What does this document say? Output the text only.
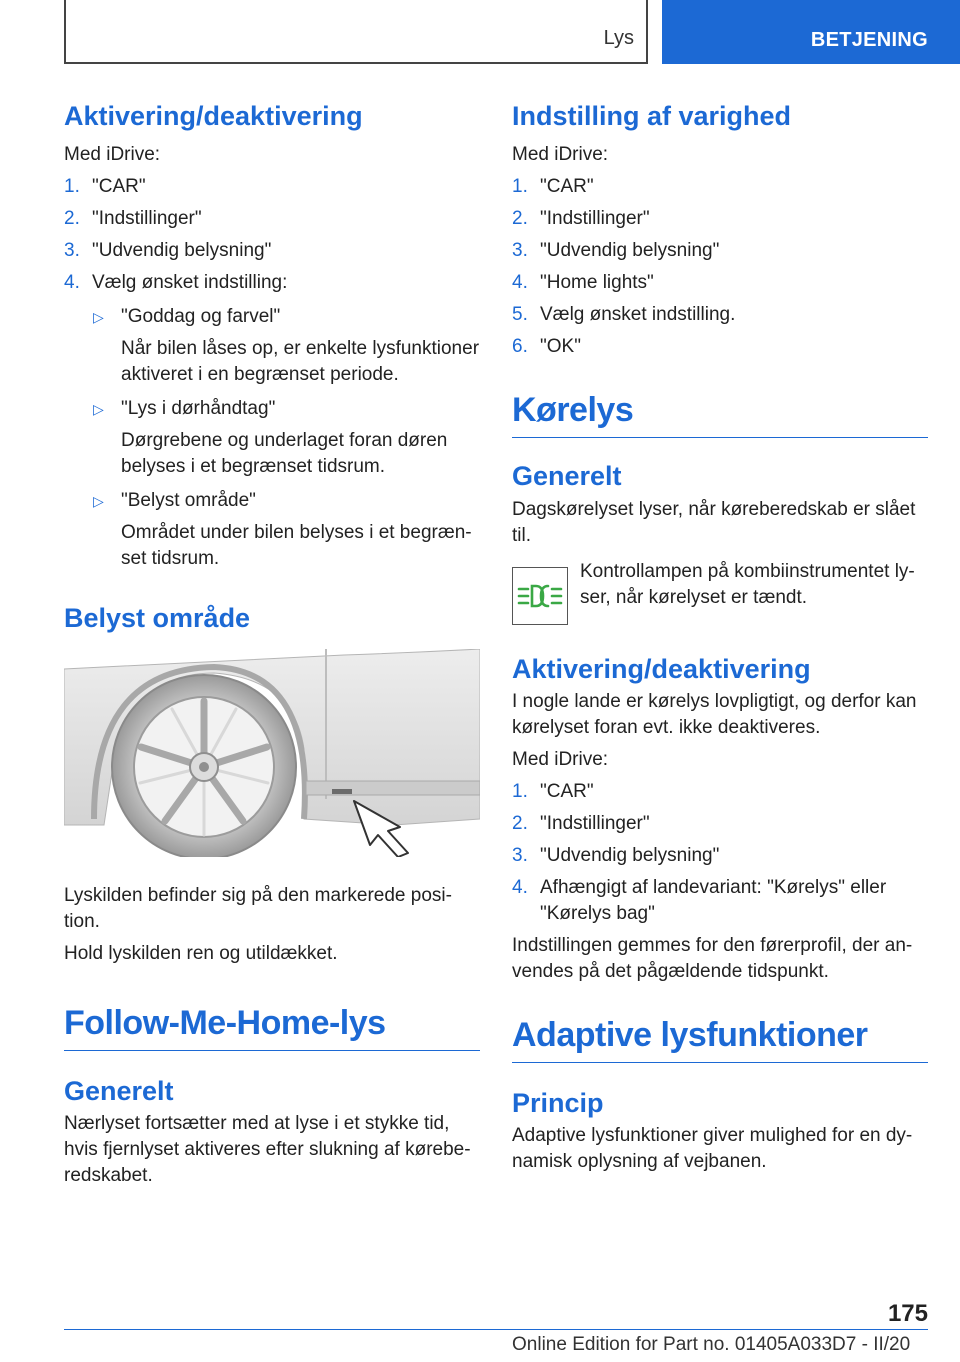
Lys	BETJENING
Aktivering/deaktivering

Med iDrive:

1. "CAR"
2. "Indstillinger"
3. "Udvendig belysning"
4. Vælg ønsket indstilling:
▷ "Goddag og farvel"
Når bilen låses op, er enkelte lysfunktioner aktiveret i en begrænset periode.
▷ "Lys i dørhåndtag"
Dørgrebene og underlaget foran døren belyses i et begrænset tidsrum.
▷ "Belyst område"
Området under bilen belyses i et begræn-set tidsrum.
Belyst område

Lyskilden befinder sig på den markerede posi-tion.

Hold lyskilden ren og utildækket.

Follow-Me-Home-lys
Generelt

Nærlyset fortsætter med at lyse i et stykke tid, hvis fjernlyset aktiveres efter slukning af kørebe-redskabet.

Indstilling af varighed

Med iDrive:

1. "CAR"
2. "Indstillinger"
3. "Udvendig belysning"
4. "Home lights"
5. Vælg ønsket indstilling.
6. "OK"
Kørelys
Generelt

Dagskørelyset lyser, når kørеberedskab er slået til.

Kontrollampen på kombiinstrumentet ly-ser, når kørelyset er tændt.

Aktivering/deaktivering

I nogle lande er kørelys lovpligtigt, og derfor kan kørelyset foran evt. ikke deaktiveres.

Med iDrive:

1. "CAR"
2. "Indstillinger"
3. "Udvendig belysning"
4. Afhængigt af landevariant: "Kørelys" eller "Kørelys bag"

Indstillingen gemmes for den førerprofil, der an-vendes på det pågældende tidspunkt.

Adaptive lysfunktioner
Princip

Adaptive lysfunktioner giver mulighed for en dy-namisk oplysning af vejbanen.

175
Online Edition for Part no. 01405A033D7 - II/20
